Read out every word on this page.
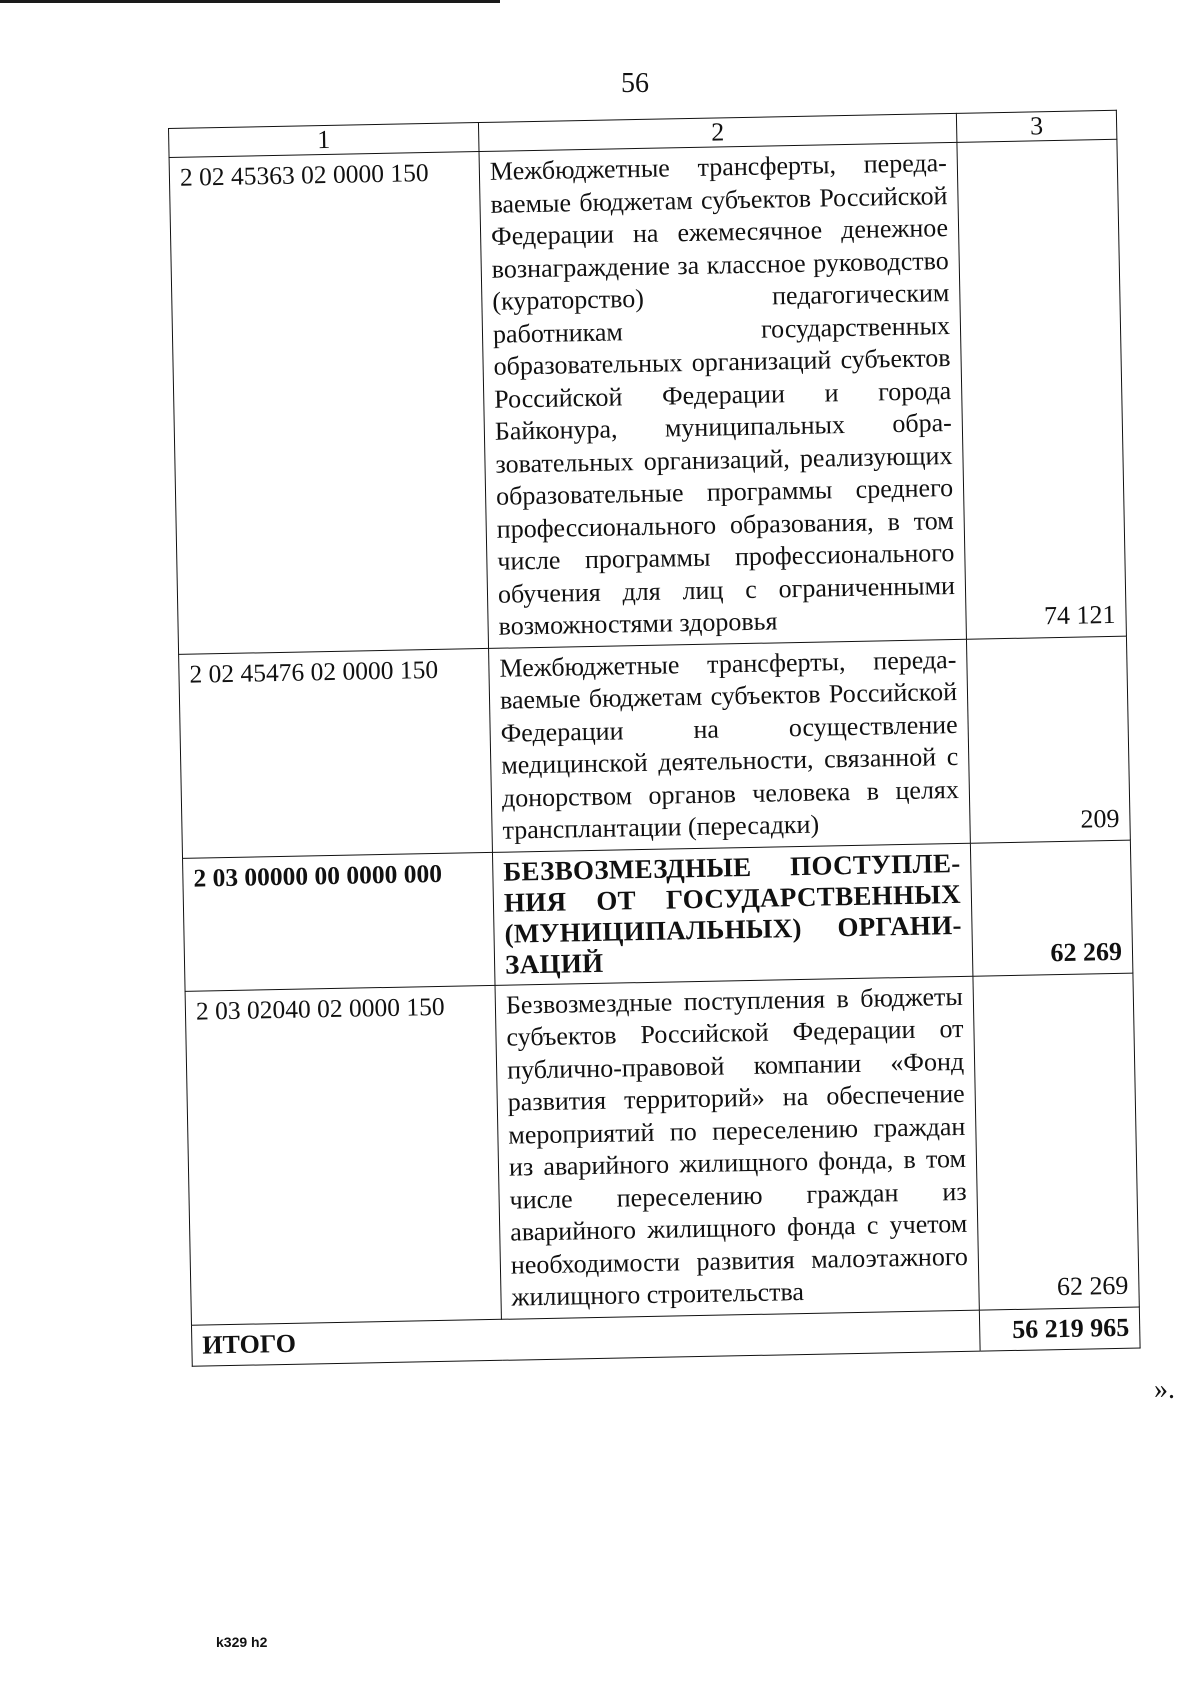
56
1	2	3
2 02 45363 02 0000 150	Межбюджетные трансферты, передаваемые бюджетам субъектов Российской Федерации на ежемесячное денежное вознаграждение за классное руководство (кураторство) педагогическим работникам государственных образовательных организаций субъектов Российской Федерации и города Байконура, муниципальных образовательных организаций, реализующих образовательные программы среднего профессионального образования, в том числе программы профессионального обучения для лиц с ограниченными возможностями здоровья	74 121
2 02 45476 02 0000 150	Межбюджетные трансферты, передаваемые бюджетам субъектов Российской Федерации на осуществление медицинской деятельности, связанной с донорством органов человека в целях трансплантации (пересадки)	209
2 03 00000 00 0000 000	БЕЗВОЗМЕЗДНЫЕ ПОСТУПЛЕНИЯ ОТ ГОСУДАРСТВЕННЫХ (МУНИЦИПАЛЬНЫХ) ОРГАНИЗАЦИЙ	62 269
2 03 02040 02 0000 150	Безвозмездные поступления в бюджеты субъектов Российской Федерации от публично-правовой компании «Фонд развития территорий» на обеспечение мероприятий по переселению граждан из аварийного жилищного фонда, в том числе переселению граждан из аварийного жилищного фонда с учетом необходимости развития малоэтажного жилищного строительства	62 269
ИТОГО		56 219 965
».
k329 h2
